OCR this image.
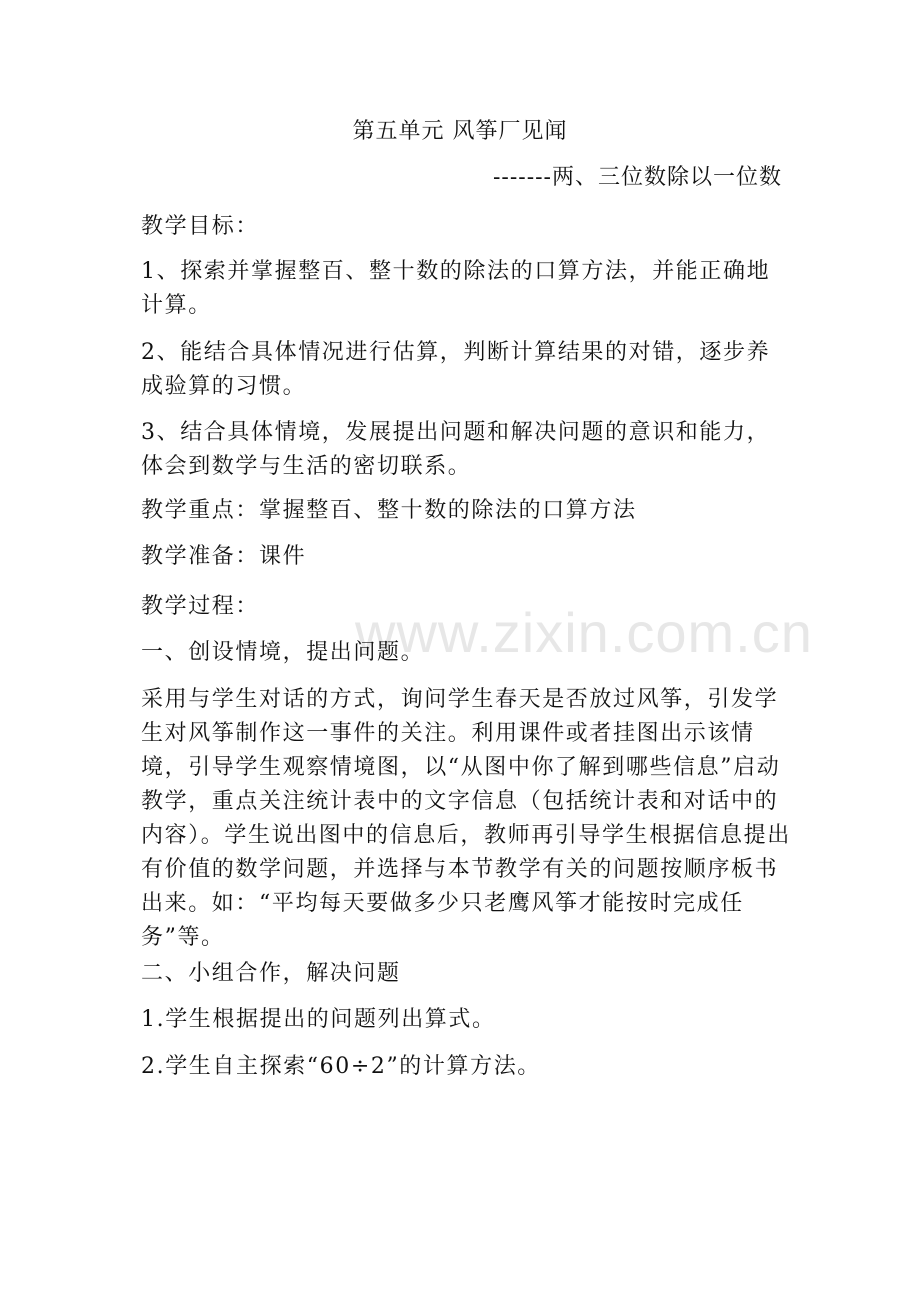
www.zixin.com.cn
第五单元 风筝厂见闻

-------两、三位数除以一位数

教学目标：

1、探索并掌握整百、整十数的除法的口算方法，并能正确地计算。

2、能结合具体情况进行估算，判断计算结果的对错，逐步养成验算的习惯。

3、结合具体情境，发展提出问题和解决问题的意识和能力，体会到数学与生活的密切联系。

教学重点：掌握整百、整十数的除法的口算方法

教学准备：课件

教学过程：

一、创设情境，提出问题。

采用与学生对话的方式，询问学生春天是否放过风筝，引发学生对风筝制作这一事件的关注。利用课件或者挂图出示该情境，引导学生观察情境图，以“从图中你了解到哪些信息”启动教学，重点关注统计表中的文字信息（包括统计表和对话中的内容）。学生说出图中的信息后，教师再引导学生根据信息提出有价值的数学问题，并选择与本节教学有关的问题按顺序板书出来。如：“平均每天要做多少只老鹰风筝才能按时完成任务”等。

二、小组合作，解决问题

1.学生根据提出的问题列出算式。

2.学生自主探索“60÷2”的计算方法。
